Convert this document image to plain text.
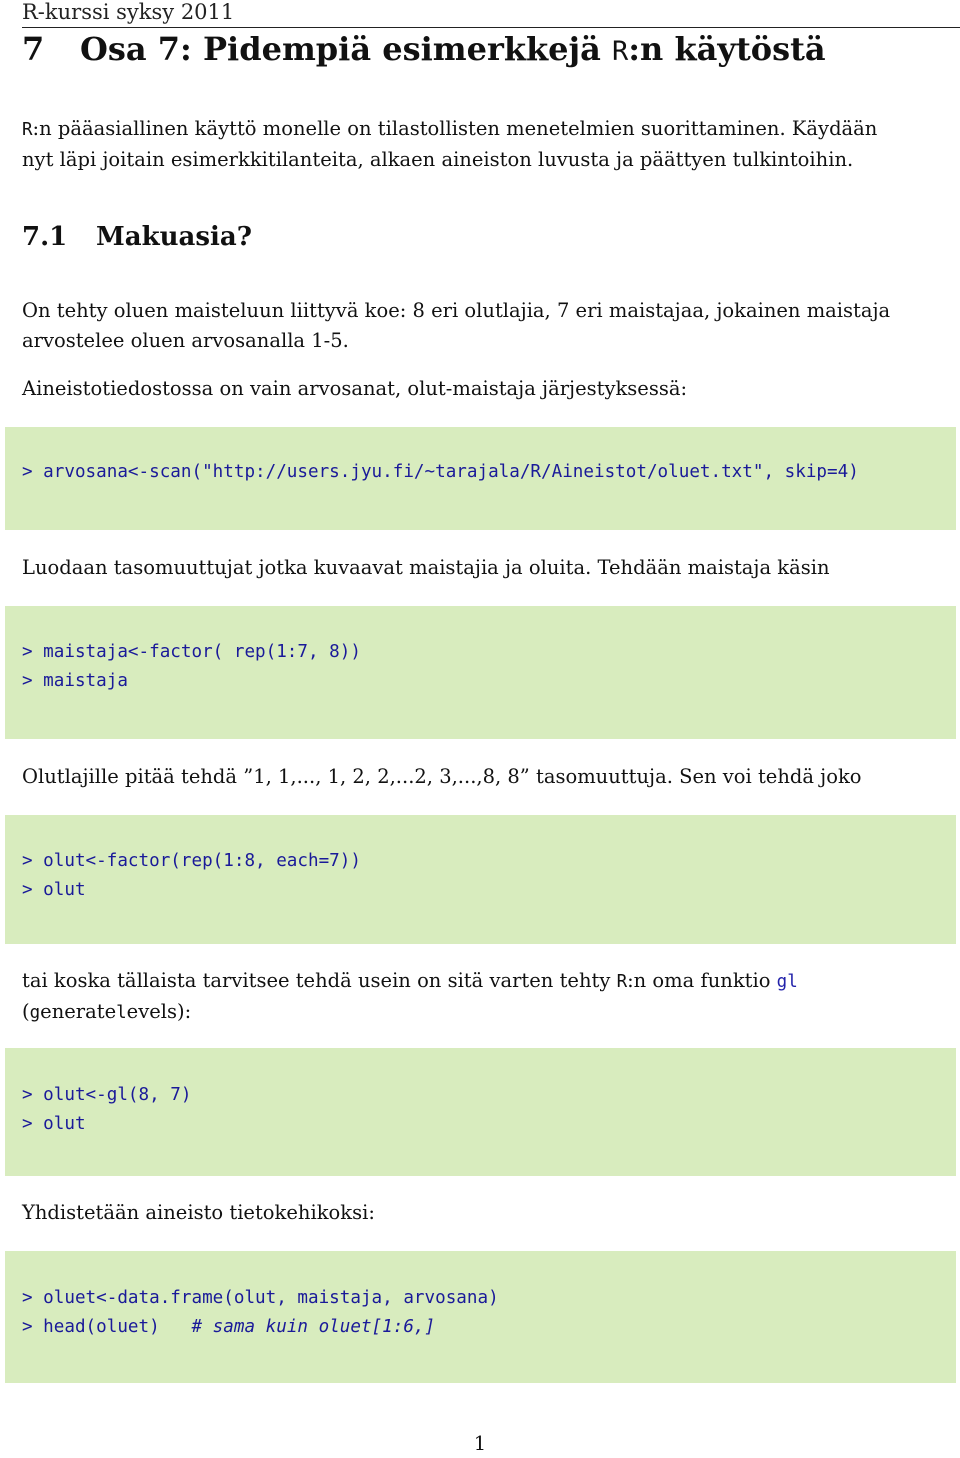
R-kurssi syksy 2011
7 Osa 7: Pidempiä esimerkkejä R:n käytöstä
R:n pääasiallinen käyttö monelle on tilastollisten menetelmien suorittaminen. Käydään
nyt läpi joitain esimerkkitilanteita, alkaen aineiston luvusta ja päättyen tulkintoihin.
7.1 Makuasia?
On tehty oluen maisteluun liittyvä koe: 8 eri olutlajia, 7 eri maistajaa, jokainen maistaja
arvostelee oluen arvosanalla 1-5.
Aineistotiedostossa on vain arvosanat, olut-maistaja järjestyksessä:
> arvosana<-scan("http://users.jyu.fi/~tarajala/R/Aineistot/oluet.txt", skip=4)
Luodaan tasomuuttujat jotka kuvaavat maistajia ja oluita. Tehdään maistaja käsin
> maistaja<-factor( rep(1:7, 8))
> maistaja
Olutlajille pitää tehdä ”1, 1,..., 1, 2, 2,...2, 3,...,8, 8” tasomuuttuja. Sen voi tehdä joko
> olut<-factor(rep(1:8, each=7))
> olut
tai koska tällaista tarvitsee tehdä usein on sitä varten tehty R:n oma funktio gl (generatelevels):
> olut<-gl(8, 7)
> olut
Yhdistetään aineisto tietokehikoksi:
> oluet<-data.frame(olut, maistaja, arvosana)
> head(oluet)   # sama kuin oluet[1:6,]
1
